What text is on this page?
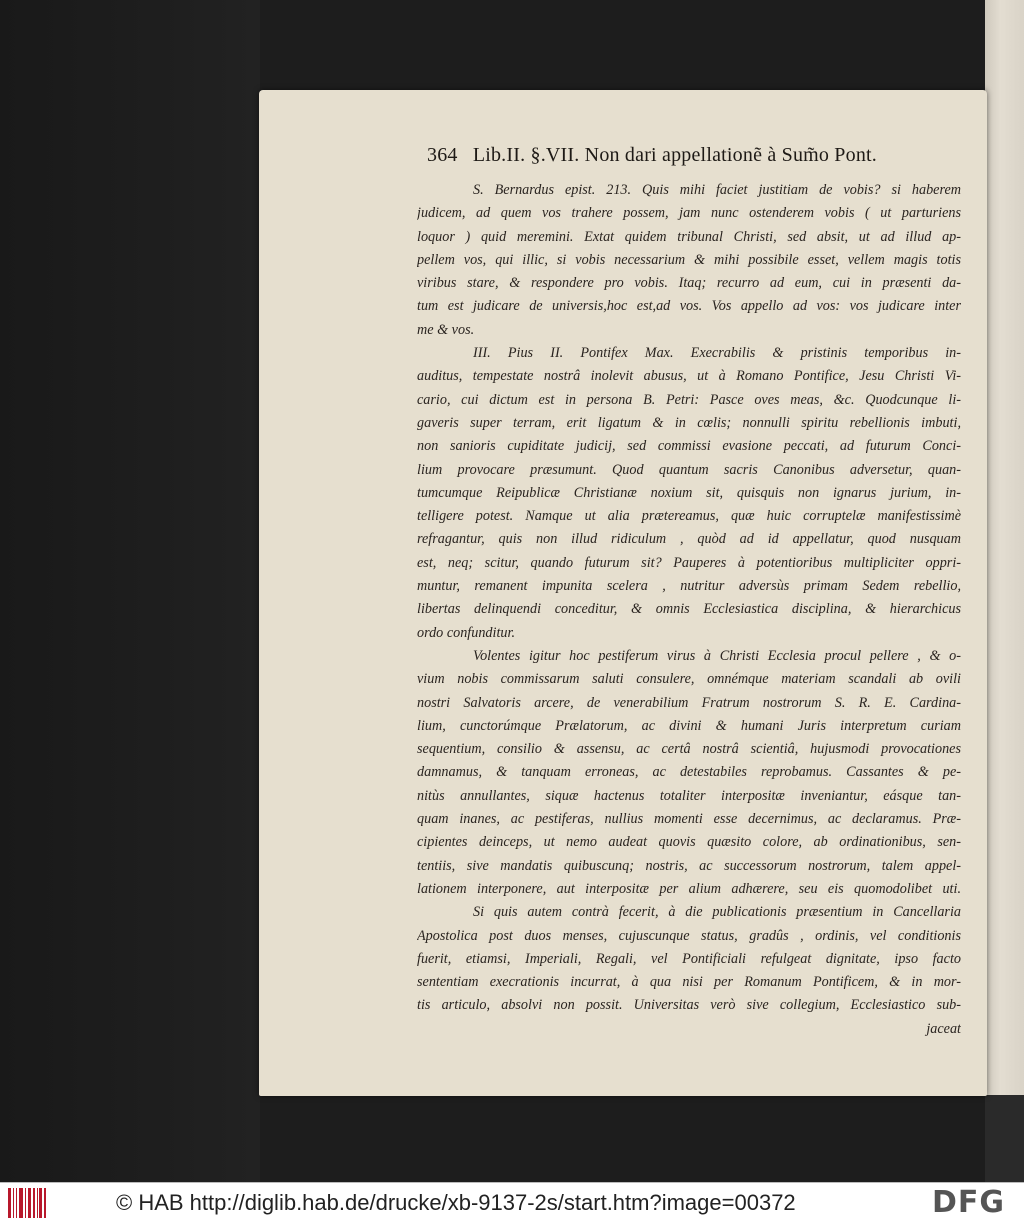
364 Lib.II. §.VII. Non dari appellationẽ à Sum̃o Pont.
S. Bernardus epist. 213. Quis mihi faciet justitiam de vobis? si haberem
judicem, ad quem vos trahere possem, jam nunc ostenderem vobis ( ut parturiens
loquor ) quid meremini. Extat quidem tribunal Christi, sed absit, ut ad illud ap-
pellem vos, qui illic, si vobis necessarium & mihi possibile esset, vellem magis totis
viribus stare, & respondere pro vobis. Itaq; recurro ad eum, cui in præsenti da-
tum est judicare de universis,hoc est,ad vos. Vos appello ad vos: vos judicare inter
me & vos.
III. Pius II. Pontifex Max. Execrabilis & pristinis temporibus in-
auditus, tempestate nostrâ inolevit abusus, ut à Romano Pontifice, Jesu Christi Vi-
cario, cui dictum est in persona B. Petri: Pasce oves meas, &c. Quodcunque li-
gaveris super terram, erit ligatum & in cœlis; nonnulli spiritu rebellionis imbuti,
non sanioris cupiditate judicij, sed commissi evasione peccati, ad futurum Conci-
lium provocare præsumunt. Quod quantum sacris Canonibus adversetur, quan-
tumcumque Reipublicæ Christianæ noxium sit, quisquis non ignarus jurium, in-
telligere potest. Namque ut alia prætereamus, quæ huic corruptelæ manifestissimè
refragantur, quis non illud ridiculum , quòd ad id appellatur, quod nusquam
est, neq; scitur, quando futurum sit? Pauperes à potentioribus multipliciter oppri-
muntur, remanent impunita scelera , nutritur adversùs primam Sedem rebellio,
libertas delinquendi conceditur, & omnis Ecclesiastica disciplina, & hierarchicus
ordo confunditur.
Volentes igitur hoc pestiferum virus à Christi Ecclesia procul pellere , & o-
vium nobis commissarum saluti consulere, omnémque materiam scandali ab ovili
nostri Salvatoris arcere, de venerabilium Fratrum nostrorum S. R. E. Cardina-
lium, cunctorúmque Prælatorum, ac divini & humani Juris interpretum curiam
sequentium, consilio & assensu, ac certâ nostrâ scientiâ, hujusmodi provocationes
damnamus, & tanquam erroneas, ac detestabiles reprobamus. Cassantes & pe-
nitùs annullantes, siquæ hactenus totaliter interpositæ inveniantur, eásque tan-
quam inanes, ac pestiferas, nullius momenti esse decernimus, ac declaramus. Præ-
cipientes deinceps, ut nemo audeat quovis quæsito colore, ab ordinationibus, sen-
tentiis, sive mandatis quibuscunq; nostris, ac successorum nostrorum, talem appel-
lationem interponere, aut interpositæ per alium adhærere, seu eis quomodolibet uti.
Si quis autem contrà fecerit, à die publicationis præsentium in Cancellaria
Apostolica post duos menses, cujuscunque status, gradûs , ordinis, vel conditionis
fuerit, etiamsi, Imperiali, Regali, vel Pontificiali refulgeat dignitate, ipso facto
sententiam execrationis incurrat, à qua nisi per Romanum Pontificem, & in mor-
tis articulo, absolvi non possit. Universitas verò sive collegium, Ecclesiastico sub-
jaceat
© HAB http://diglib.hab.de/drucke/xb-9137-2s/start.htm?image=00372	DFG
